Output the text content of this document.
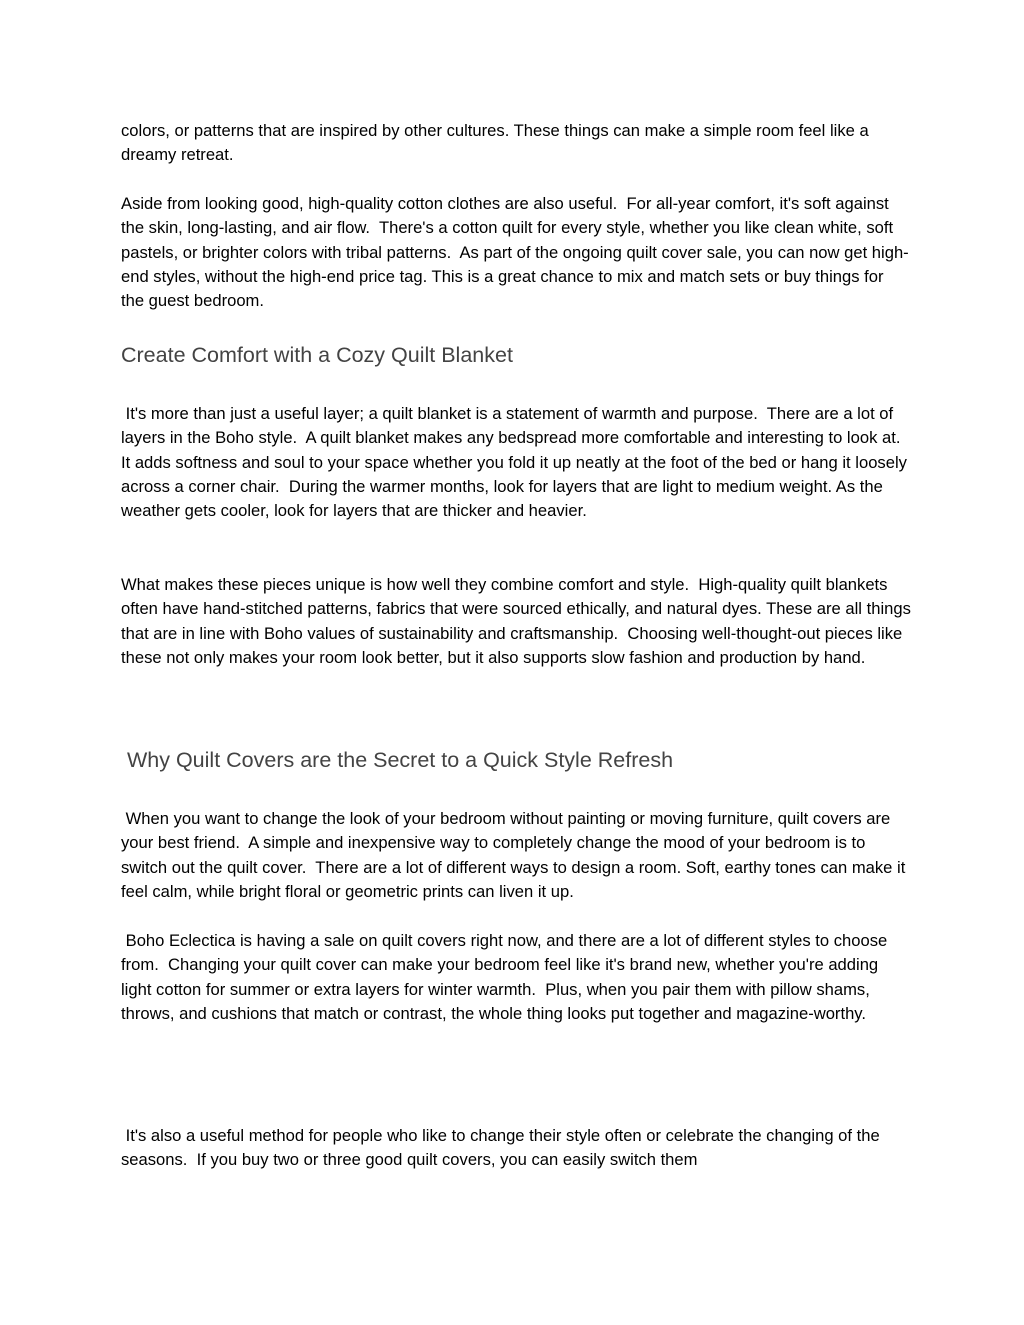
colors, or patterns that are inspired by other cultures. These things can make a simple room feel like a dreamy retreat.

Aside from looking good, high-quality cotton clothes are also useful.  For all-year comfort, it's soft against the skin, long-lasting, and air flow.  There's a cotton quilt for every style, whether you like clean white, soft pastels, or brighter colors with tribal patterns.  As part of the ongoing quilt cover sale, you can now get high-end styles, without the high-end price tag. This is a great chance to mix and match sets or buy things for the guest bedroom.

Create Comfort with a Cozy Quilt Blanket

It's more than just a useful layer; a quilt blanket is a statement of warmth and purpose.  There are a lot of layers in the Boho style.  A quilt blanket makes any bedspread more comfortable and interesting to look at.  It adds softness and soul to your space whether you fold it up neatly at the foot of the bed or hang it loosely across a corner chair.  During the warmer months, look for layers that are light to medium weight. As the weather gets cooler, look for layers that are thicker and heavier.

What makes these pieces unique is how well they combine comfort and style.  High-quality quilt blankets often have hand-stitched patterns, fabrics that were sourced ethically, and natural dyes. These are all things that are in line with Boho values of sustainability and craftsmanship.  Choosing well-thought-out pieces like these not only makes your room look better, but it also supports slow fashion and production by hand.

Why Quilt Covers are the Secret to a Quick Style Refresh

When you want to change the look of your bedroom without painting or moving furniture, quilt covers are your best friend.  A simple and inexpensive way to completely change the mood of your bedroom is to switch out the quilt cover.  There are a lot of different ways to design a room. Soft, earthy tones can make it feel calm, while bright floral or geometric prints can liven it up.

Boho Eclectica is having a sale on quilt covers right now, and there are a lot of different styles to choose from.  Changing your quilt cover can make your bedroom feel like it's brand new, whether you're adding light cotton for summer or extra layers for winter warmth.  Plus, when you pair them with pillow shams, throws, and cushions that match or contrast, the whole thing looks put together and magazine-worthy.

It's also a useful method for people who like to change their style often or celebrate the changing of the seasons.  If you buy two or three good quilt covers, you can easily switch them
